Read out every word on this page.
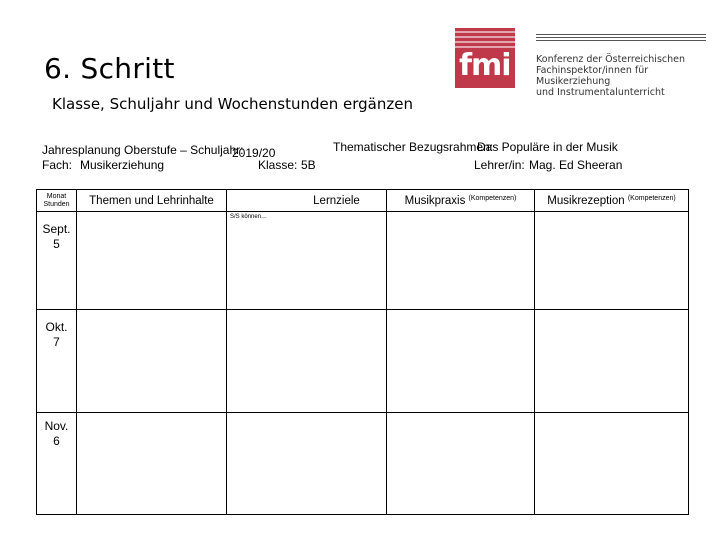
6. Schritt
Klasse, Schuljahr und Wochenstunden ergänzen
fmi	Konferenz der Österreichischen
Fachinspektor/innen für Musikerziehung
und Instrumentalunterricht
Jahresplanung Oberstufe – Schuljahr:
2019/20	Thematischer Bezugsrahmen:
Das Populäre in der Musik
Fach: Musikerziehung	Klasse: 5B	Lehrer/in: Mag. Ed Sheeran
Monat
Stunden	Themen und Lehrinhalte	Lernziele	Musikpraxis $^{(Kompetenzen)}$	Musikrezeption $^{(Kompetenzen)}$

Sept.
5		S/S können…		

Okt.
7				

Nov.
6				
